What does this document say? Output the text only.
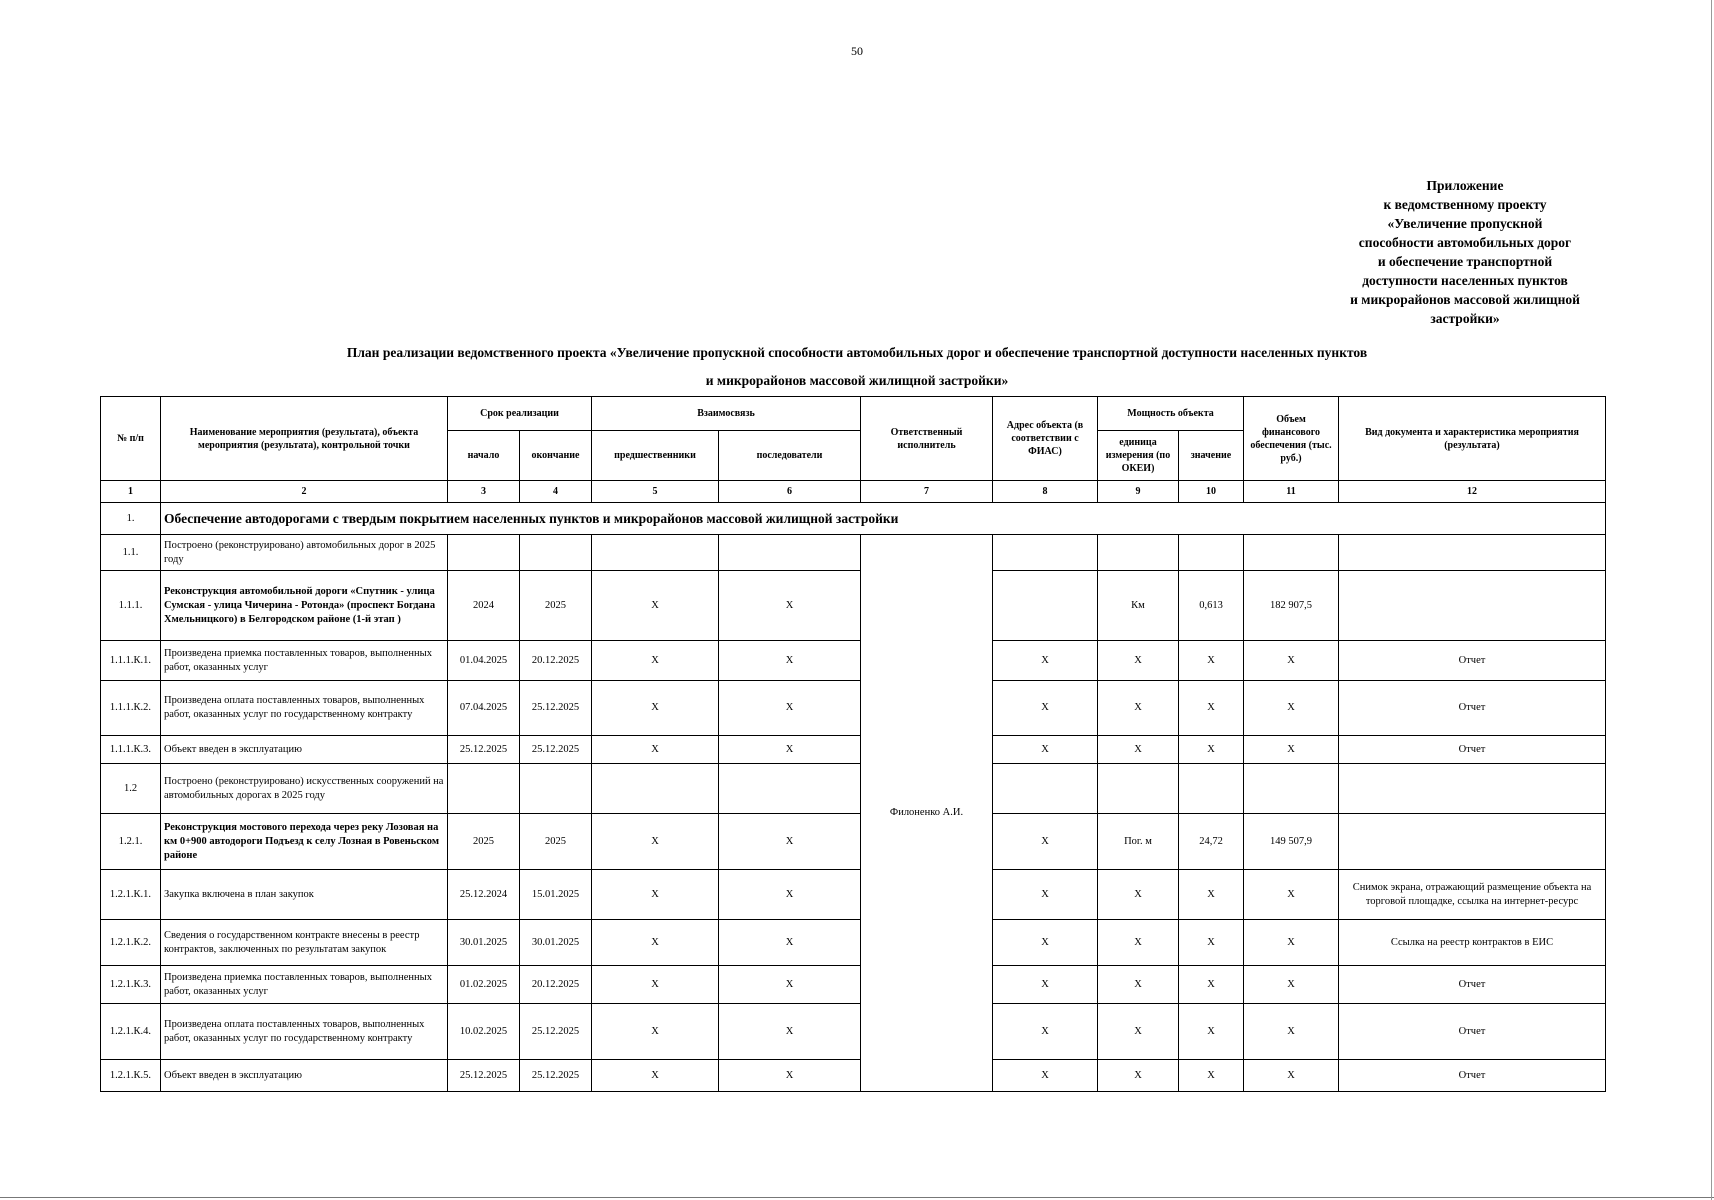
50
Приложение
к ведомственному проекту
«Увеличение пропускной
способности автомобильных дорог
и обеспечение транспортной
доступности населенных пунктов
и микрорайонов массовой жилищной
застройки»
План реализации ведомственного проекта «Увеличение пропускной способности автомобильных дорог и обеспечение транспортной доступности населенных пунктов
и микрорайонов массовой жилищной застройки»
№ п/п	Наименование мероприятия (результата), объекта мероприятия (результата), контрольной точки	Срок реализации		Взаимосвязь		Ответственный исполнитель	Адрес объекта (в соответствии с ФИАС)	Мощность объекта		Объем финансового обеспечения (тыс. руб.)	Вид документа и характеристика мероприятия (результата)
		начало	окончание	предшественники	последователи			единица измерения (по ОКЕИ)	значение		
1	2	3	4	5	6	7	8	9	10	11	12
1.	Обеспечение автодорогами с твердым покрытием населенных пунктов и микрорайонов массовой жилищной застройки										
1.1.	Построено (реконструировано) автомобильных дорог в 2025 году					Филоненко А.И.					
1.1.1.	Реконструкция автомобильной дороги «Спутник - улица Сумская - улица Чичерина - Ротонда» (проспект Богдана Хмельницкого) в Белгородском районе (1-й этап )	2024	2025	Х	Х			Км	0,613	182 907,5	
1.1.1.К.1.	Произведена приемка поставленных товаров, выполненных работ, оказанных услуг	01.04.2025	20.12.2025	Х	Х		Х	Х	Х	Х	Отчет
1.1.1.К.2.	Произведена оплата поставленных товаров, выполненных работ, оказанных услуг по государственному контракту	07.04.2025	25.12.2025	Х	Х		Х	Х	Х	Х	Отчет
1.1.1.К.3.	Объект введен в эксплуатацию	25.12.2025	25.12.2025	Х	Х		Х	Х	Х	Х	Отчет
1.2	Построено (реконструировано) искусственных сооружений на автомобильных дорогах в 2025 году										
1.2.1.	Реконструкция мостового перехода через реку Лозовая на км 0+900 автодороги Подъезд к селу Лозная в Ровеньском районе	2025	2025	Х	Х		Х	Пог. м	24,72	149 507,9	
1.2.1.К.1.	Закупка включена в план закупок	25.12.2024	15.01.2025	Х	Х		Х	Х	Х	Х	Снимок экрана, отражающий размещение объекта на торговой площадке, ссылка на интернет-ресурс
1.2.1.К.2.	Сведения о государственном контракте внесены в реестр контрактов, заключенных по результатам закупок	30.01.2025	30.01.2025	Х	Х		Х	Х	Х	Х	Ссылка на реестр контрактов в ЕИС
1.2.1.К.3.	Произведена приемка поставленных товаров, выполненных работ, оказанных услуг	01.02.2025	20.12.2025	Х	Х		Х	Х	Х	Х	Отчет
1.2.1.К.4.	Произведена оплата поставленных товаров, выполненных работ, оказанных услуг по государственному контракту	10.02.2025	25.12.2025	Х	Х		Х	Х	Х	Х	Отчет
1.2.1.К.5.	Объект введен в эксплуатацию	25.12.2025	25.12.2025	Х	Х		Х	Х	Х	Х	Отчет
